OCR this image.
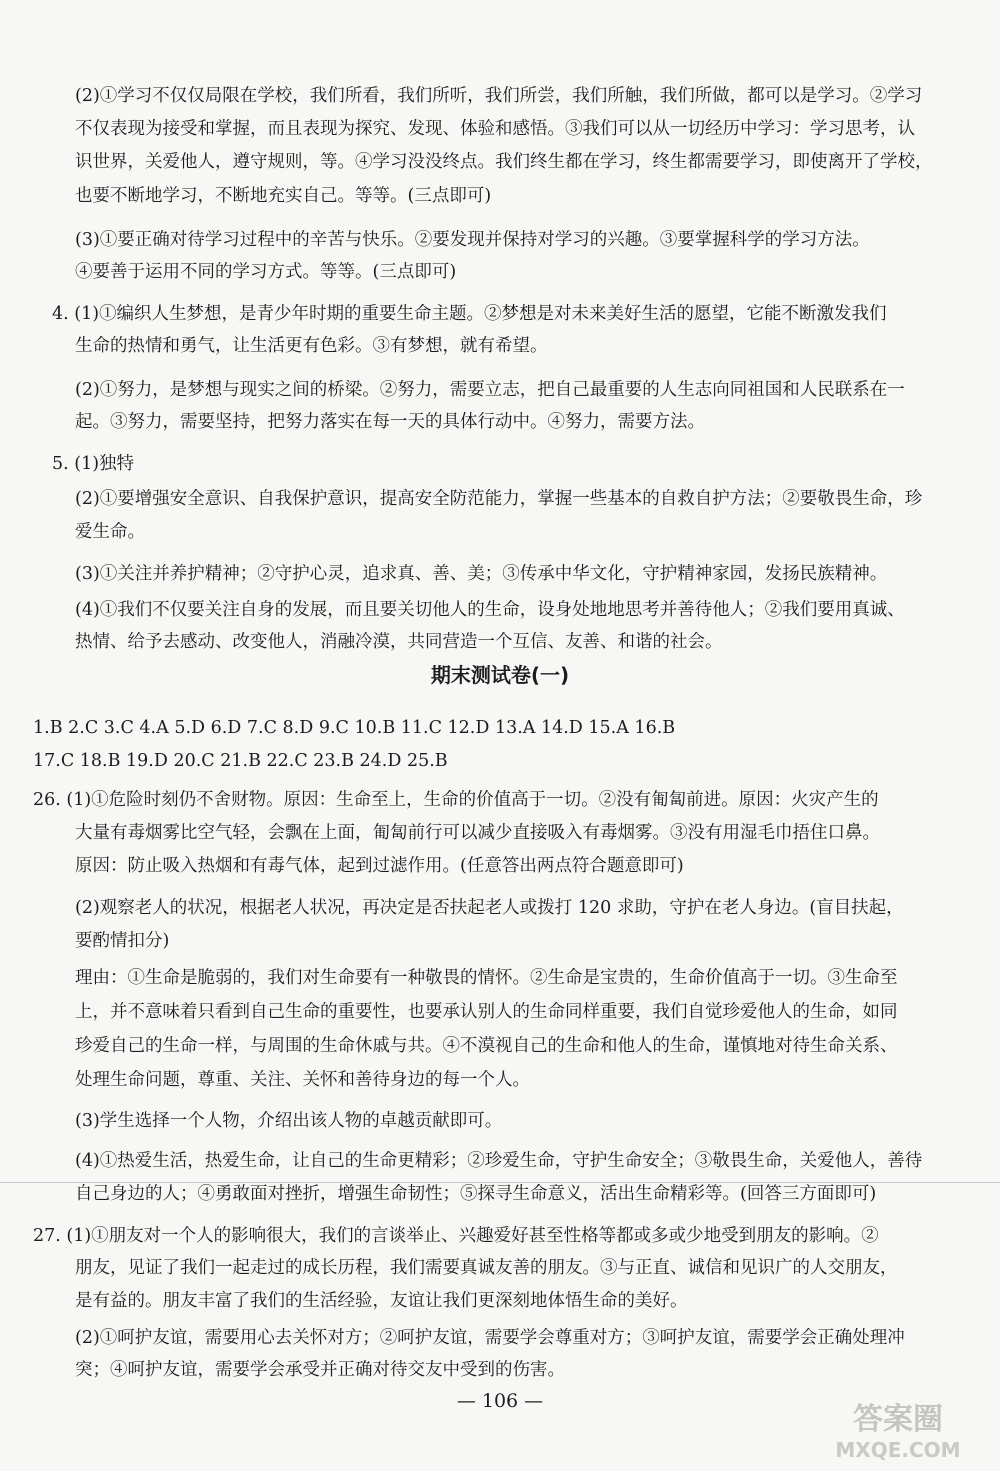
(2)①学习不仅仅局限在学校，我们所看，我们所听，我们所尝，我们所触，我们所做，都可以是学习。②学习

不仅表现为接受和掌握，而且表现为探究、发现、体验和感悟。③我们可以从一切经历中学习：学习思考，认

识世界，关爱他人，遵守规则，等。④学习没没终点。我们终生都在学习，终生都需要学习，即使离开了学校，

也要不断地学习，不断地充实自己。等等。(三点即可)

(3)①要正确对待学习过程中的辛苦与快乐。②要发现并保持对学习的兴趣。③要掌握科学的学习方法。

④要善于运用不同的学习方式。等等。(三点即可)

4. (1)①编织人生梦想，是青少年时期的重要生命主题。②梦想是对未来美好生活的愿望，它能不断激发我们

生命的热情和勇气，让生活更有色彩。③有梦想，就有希望。

(2)①努力，是梦想与现实之间的桥梁。②努力，需要立志，把自己最重要的人生志向同祖国和人民联系在一

起。③努力，需要坚持，把努力落实在每一天的具体行动中。④努力，需要方法。

5. (1)独特

(2)①要增强安全意识、自我保护意识，提高安全防范能力，掌握一些基本的自救自护方法；②要敬畏生命，珍

爱生命。

(3)①关注并养护精神；②守护心灵，追求真、善、美；③传承中华文化，守护精神家园，发扬民族精神。

(4)①我们不仅要关注自身的发展，而且要关切他人的生命，设身处地地思考并善待他人；②我们要用真诚、

热情、给予去感动、改变他人，消融冷漠，共同营造一个互信、友善、和谐的社会。

期末测试卷(一)

1.B 2.C 3.C 4.A 5.D 6.D 7.C 8.D 9.C 10.B 11.C 12.D 13.A 14.D 15.A 16.B

17.C 18.B 19.D 20.C 21.B 22.C 23.B 24.D 25.B

26. (1)①危险时刻仍不舍财物。原因：生命至上，生命的价值高于一切。②没有匍匐前进。原因：火灾产生的

大量有毒烟雾比空气轻，会飘在上面，匍匐前行可以减少直接吸入有毒烟雾。③没有用湿毛巾捂住口鼻。

原因：防止吸入热烟和有毒气体，起到过滤作用。(任意答出两点符合题意即可)

(2)观察老人的状况，根据老人状况，再决定是否扶起老人或拨打 120 求助，守护在老人身边。(盲目扶起，

要酌情扣分)

理由：①生命是脆弱的，我们对生命要有一种敬畏的情怀。②生命是宝贵的，生命价值高于一切。③生命至

上，并不意味着只看到自己生命的重要性，也要承认别人的生命同样重要，我们自觉珍爱他人的生命，如同

珍爱自己的生命一样，与周围的生命休戚与共。④不漠视自己的生命和他人的生命，谨慎地对待生命关系、

处理生命问题，尊重、关注、关怀和善待身边的每一个人。

(3)学生选择一个人物，介绍出该人物的卓越贡献即可。

(4)①热爱生活，热爱生命，让自己的生命更精彩；②珍爱生命，守护生命安全；③敬畏生命，关爱他人，善待

自己身边的人；④勇敢面对挫折，增强生命韧性；⑤探寻生命意义，活出生命精彩等。(回答三方面即可)

27. (1)①朋友对一个人的影响很大，我们的言谈举止、兴趣爱好甚至性格等都或多或少地受到朋友的影响。②

朋友，见证了我们一起走过的成长历程，我们需要真诚友善的朋友。③与正直、诚信和见识广的人交朋友，

是有益的。朋友丰富了我们的生活经验，友谊让我们更深刻地体悟生命的美好。

(2)①呵护友谊，需要用心去关怀对方；②呵护友谊，需要学会尊重对方；③呵护友谊，需要学会正确处理冲

突；④呵护友谊，需要学会承受并正确对待交友中受到的伤害。

— 106 —
答案圈
MXQE.COM
